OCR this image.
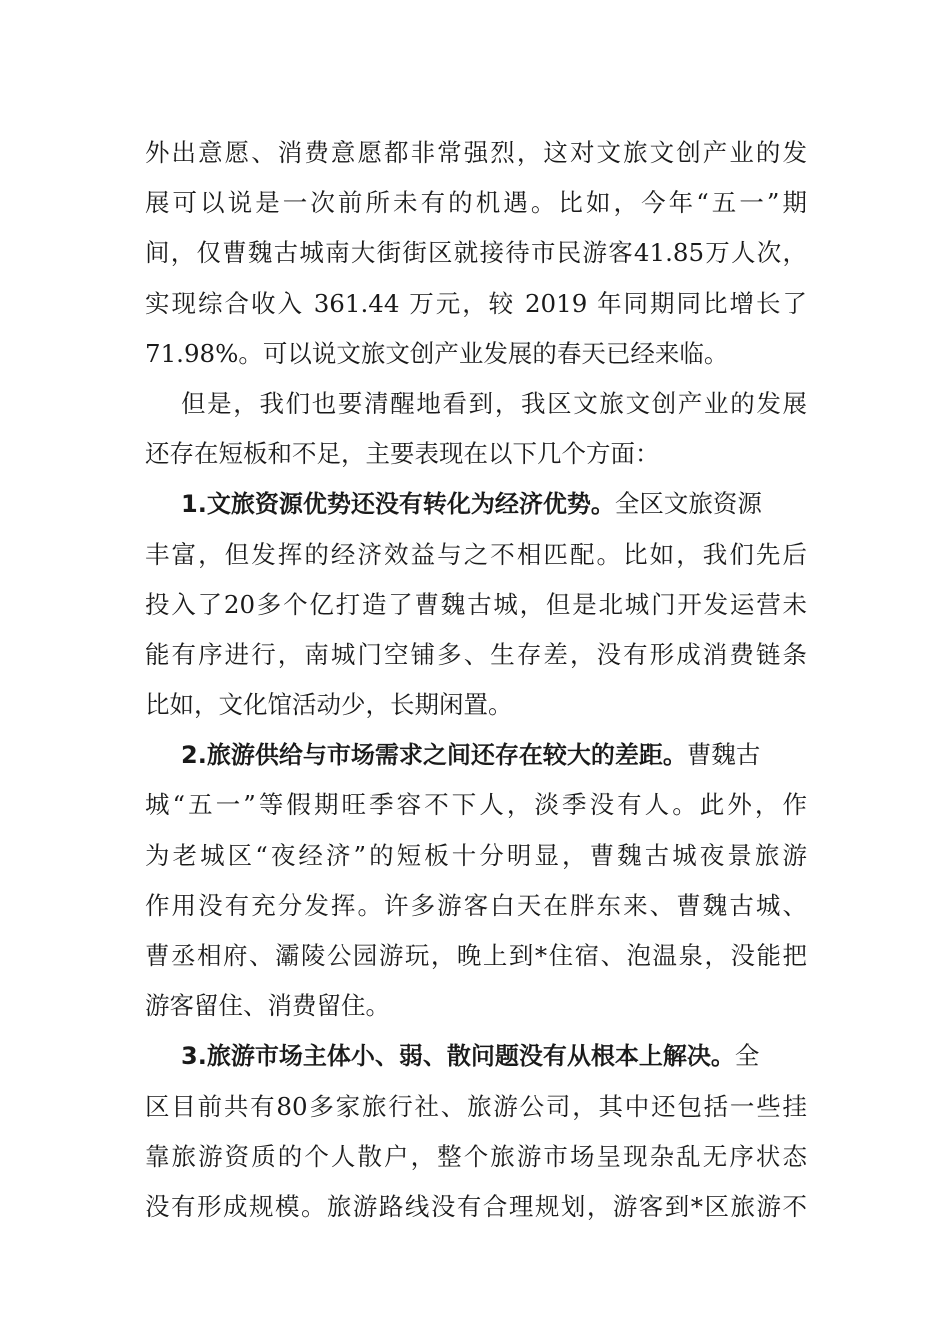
外出意愿、消费意愿都非常强烈，这对文旅文创产业的发
展可以说是一次前所未有的机遇。比如，今年“五一”期
间，仅曹魏古城南大街街区就接待市民游客41.85万人次，
实现综合收入 361.44 万元，较 2019 年同期同比增长了
71.98%。可以说文旅文创产业发展的春天已经来临。
但是，我们也要清醒地看到，我区文旅文创产业的发展
还存在短板和不足，主要表现在以下几个方面：
1.文旅资源优势还没有转化为经济优势。全区文旅资源
丰富，但发挥的经济效益与之不相匹配。比如，我们先后
投入了20多个亿打造了曹魏古城，但是北城门开发运营未
能有序进行，南城门空铺多、生存差，没有形成消费链条
比如，文化馆活动少，长期闲置。
2.旅游供给与市场需求之间还存在较大的差距。曹魏古
城“五一”等假期旺季容不下人，淡季没有人。此外，作
为老城区“夜经济”的短板十分明显，曹魏古城夜景旅游
作用没有充分发挥。许多游客白天在胖东来、曹魏古城、
曹丞相府、灞陵公园游玩，晚上到*住宿、泡温泉，没能把
游客留住、消费留住。
3.旅游市场主体小、弱、散问题没有从根本上解决。全
区目前共有80多家旅行社、旅游公司，其中还包括一些挂
靠旅游资质的个人散户，整个旅游市场呈现杂乱无序状态
没有形成规模。旅游路线没有合理规划，游客到*区旅游不
